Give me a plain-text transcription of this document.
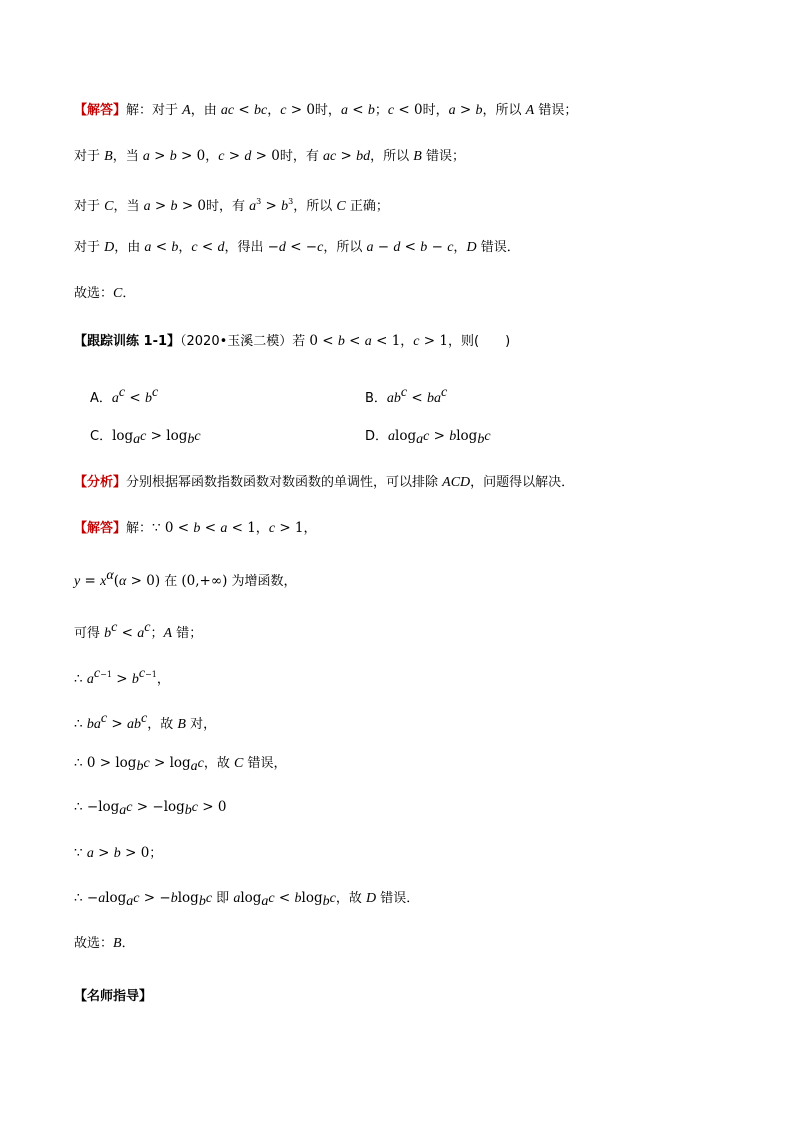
【解答】解：对于 A，由 ac < bc，c > 0时，a < b；c < 0时，a > b，所以 A 错误；
对于 B，当 a > b > 0，c > d > 0时，有 ac > bd，所以 B 错误；
对于 C，当 a > b > 0时，有 $a^3 > b^3$，所以 C 正确；
对于 D，由 a < b，c < d，得出 −d < −c，所以 a − d < b − c，D 错误．
故选：C．
【跟踪训练 1-1】（2020•玉溪二模）若 0 < b < a < 1，c > 1，则(　　)
A．$a^c < b^c$	B．$ab^c < ba^c$
C．$\log_ac > \log_bc$	D．alog$_a$c > blog$_b$c
【分析】分别根据幂函数指数函数对数函数的单调性，可以排除 ACD，问题得以解决．
【解答】解：∵ 0 < b < a < 1，c > 1，
$y = x^\alpha(\alpha > 0)$ 在 (0,+∞) 为增函数，
可得 $b^c < a^c$；A 错；
∴ $a^{c-1} > b^{c-1}$，
∴ $ba^c > ab^c$，故 B 对，
∴ $0 > \log_bc > \log_ac$，故 C 错误，
∴ $-\log_ac > -\log_bc > 0$
∵ a > b > 0；
∴ −alog$_a$c > −blog$_b$c 即 alog$_a$c < blog$_b$c，故 D 错误．
故选：B．
【名师指导】
